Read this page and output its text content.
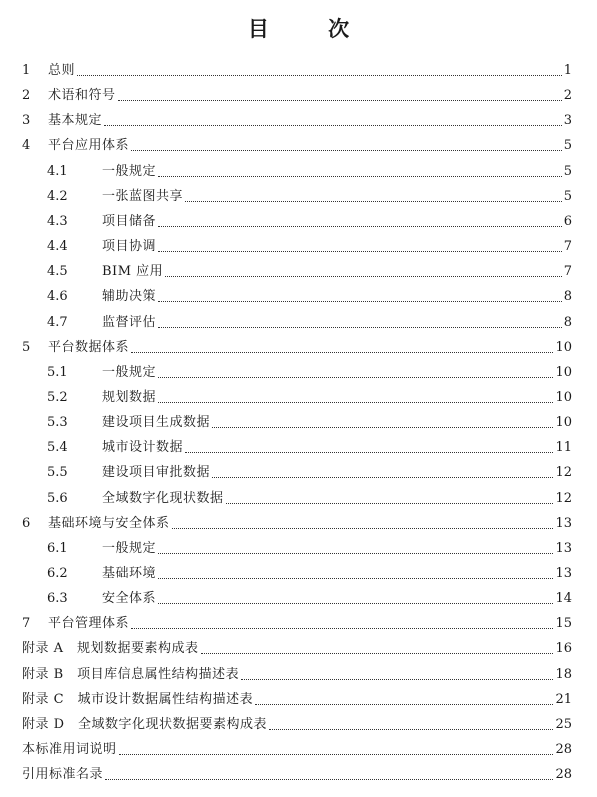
目 次
1	总则	1
2	术语和符号	2
3	基本规定	3
4	平台应用体系	5
4.1	一般规定	5
4.2	一张蓝图共享	5
4.3	项目储备	6
4.4	项目协调	7
4.5	BIM 应用	7
4.6	辅助决策	8
4.7	监督评估	8
5	平台数据体系	10
5.1	一般规定	10
5.2	规划数据	10
5.3	建设项目生成数据	10
5.4	城市设计数据	11
5.5	建设项目审批数据	12
5.6	全域数字化现状数据	12
6	基础环境与安全体系	13
6.1	一般规定	13
6.2	基础环境	13
6.3	安全体系	14
7	平台管理体系	15
附录 A　规划数据要素构成表	16
附录 B　项目库信息属性结构描述表	18
附录 C　城市设计数据属性结构描述表	21
附录 D　全域数字化现状数据要素构成表	25
本标准用词说明	28
引用标准名录	28
